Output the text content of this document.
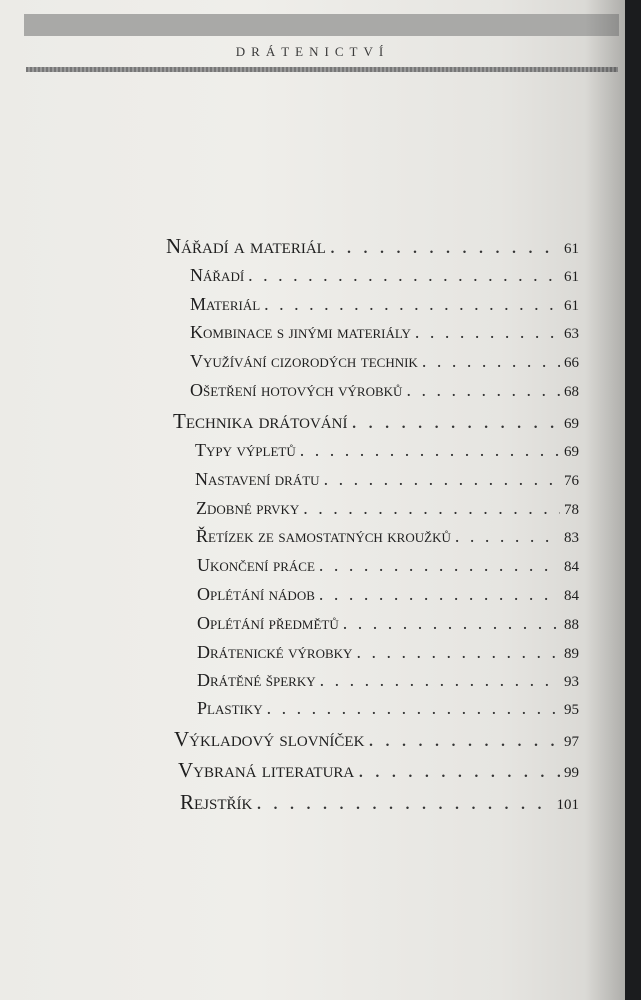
DRÁTENICTVÍ
Nářadí a materiál . . .	61
Nářadí . . .	61
Materiál . . .	61
Kombinace s jinými materiály . . .	63
Využívání cizorodých technik . . .	66
Ošetření hotových výrobků . . .	68
Technika drátování . . .	69
Typy výpletů . . .	69
Nastavení drátu . . .	76
Zdobné prvky . . .	78
Řetízek ze samostatných kroužků . . .	83
Ukončení práce . . .	84
Oplétání nádob . . .	84
Oplétání předmětů . . .	88
Drátenické výrobky . . .	89
Drátěné šperky . . .	93
Plastiky . . .	95
Výkladový slovníček . . .	97
Vybraná literatura . . .	99
Rejstřík . . .	101
